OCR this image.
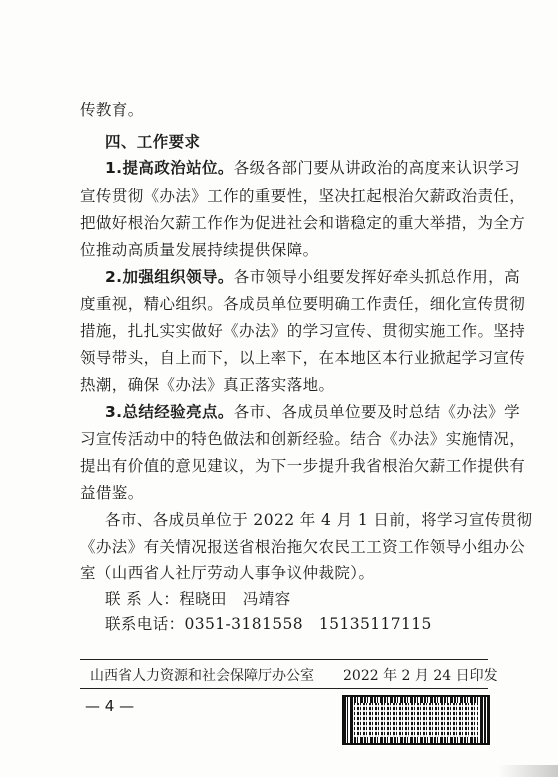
传教育。
四、工作要求
1.提高政治站位。各级各部门要从讲政治的高度来认识学习
宣传贯彻《办法》工作的重要性，坚决扛起根治欠薪政治责任，
把做好根治欠薪工作作为促进社会和谐稳定的重大举措，为全方
位推动高质量发展持续提供保障。
2.加强组织领导。各市领导小组要发挥好牵头抓总作用，高
度重视，精心组织。各成员单位要明确工作责任，细化宣传贯彻
措施，扎扎实实做好《办法》的学习宣传、贯彻实施工作。坚持
领导带头，自上而下，以上率下，在本地区本行业掀起学习宣传
热潮，确保《办法》真正落实落地。
3.总结经验亮点。各市、各成员单位要及时总结《办法》学
习宣传活动中的特色做法和创新经验。结合《办法》实施情况，
提出有价值的意见建议，为下一步提升我省根治欠薪工作提供有
益借鉴。
各市、各成员单位于 2022 年 4 月 1 日前，将学习宣传贯彻
《办法》有关情况报送省根治拖欠农民工工资工作领导小组办公
室（山西省人社厅劳动人事争议仲裁院）。
联 系 人：程晓田　冯靖容
联系电话：0351-3181558　15135117115
山西省人力资源和社会保障厅办公室 2022 年 2 月 24 日印发
— 4 —
